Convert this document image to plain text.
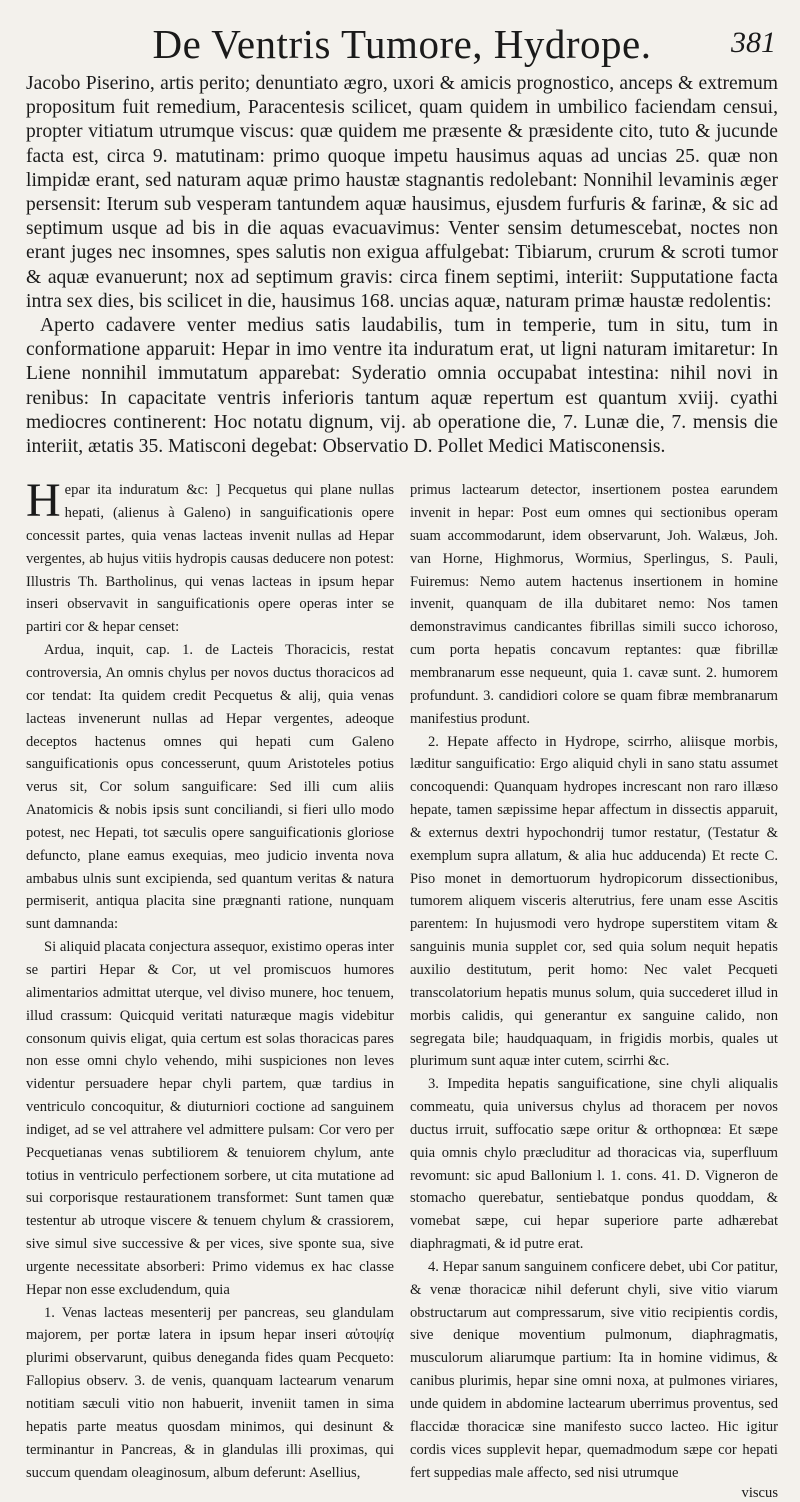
De Ventris Tumore, Hydrope.	381

Jacobo Piserino, artis perito; denuntiato ægro, uxori & amicis prognostico, anceps & extremum propositum fuit remedium, Paracentesis scilicet, quam quidem in umbilico faciendam censui, propter vitiatum utrumque viscus: quæ quidem me præsente & præsidente cito, tuto & jucunde facta est, circa 9. matutinam: primo quoque impetu hausimus aquas ad uncias 25. quæ non limpidæ erant, sed naturam aquæ primo haustæ stagnantis redolebant: Nonnihil levaminis æger persensit: Iterum sub vesperam tantundem aquæ hausimus, ejusdem furfuris & farinæ, & sic ad septimum usque ad bis in die aquas evacuavimus: Venter sensim detumescebat, noctes non erant juges nec insomnes, spes salutis non exigua affulgebat: Tibiarum, crurum & scroti tumor & aquæ evanuerunt; nox ad septimum gravis: circa finem septimi, interiit: Supputatione facta intra sex dies, bis scilicet in die, hausimus 168. uncias aquæ, naturam primæ haustæ redolentis:

Aperto cadavere venter medius satis laudabilis, tum in temperie, tum in situ, tum in conformatione apparuit: Hepar in imo ventre ita induratum erat, ut ligni naturam imitaretur: In Liene nonnihil immutatum apparebat: Syderatio omnia occupabat intestina: nihil novi in renibus: In capacitate ventris inferioris tantum aquæ repertum est quantum xviij. cyathi mediocres continerent: Hoc notatu dignum, vij. ab operatione die, 7. Lunæ die, 7. mensis die interiit, ætatis 35. Matisconi degebat: Observatio D. Pollet Medici Matisconensis.

Hepar ita induratum &c: ] Pecquetus qui plane nullas hepati, (alienus à Galeno) in sanguificationis opere concessit partes, quia venas lacteas invenit nullas ad Hepar vergentes, ab hujus vitiis hydropis causas deducere non potest: Illustris Th. Bartholinus, qui venas lacteas in ipsum hepar inseri observavit in sanguificationis opere operas inter se partiri cor & hepar censet:

Ardua, inquit, cap. 1. de Lacteis Thoracicis, restat controversia, An omnis chylus per novos ductus thoracicos ad cor tendat: Ita quidem credit Pecquetus & alij, quia venas lacteas invenerunt nullas ad Hepar vergentes, adeoque deceptos hactenus omnes qui hepati cum Galeno sanguificationis opus concesserunt, quum Aristoteles potius verus sit, Cor solum sanguificare: Sed illi cum aliis Anatomicis & nobis ipsis sunt conciliandi, si fieri ullo modo potest, nec Hepati, tot sæculis opere sanguificationis gloriose defuncto, plane eamus exequias, meo judicio inventa nova ambabus ulnis sunt excipienda, sed quantum veritas & natura permiserit, antiqua placita sine prægnanti ratione, nunquam sunt damnanda:

Si aliquid placata conjectura assequor, existimo operas inter se partiri Hepar & Cor, ut vel promiscuos humores alimentarios admittat uterque, vel diviso munere, hoc tenuem, illud crassum: Quicquid veritati naturæque magis videbitur consonum quivis eligat, quia certum est solas thoracicas pares non esse omni chylo vehendo, mihi suspiciones non leves videntur persuadere hepar chyli partem, quæ tardius in ventriculo concoquitur, & diuturniori coctione ad sanguinem indiget, ad se vel attrahere vel admittere pulsam: Cor vero per Pecquetianas venas subtiliorem & tenuiorem chylum, ante totius in ventriculo perfectionem sorbere, ut cita mutatione ad sui corporisque restaurationem transformet: Sunt tamen quæ testentur ab utroque viscere & tenuem chylum & crassiorem, sive simul sive successive & per vices, sive sponte sua, sive urgente necessitate absorberi: Primo videmus ex hac classe Hepar non esse excludendum, quia

1. Venas lacteas mesenterij per pancreas, seu glandulam majorem, per portæ latera in ipsum hepar inseri αὐτοψίᾳ plurimi observarunt, quibus deneganda fides quam Pecqueto: Fallopius observ. 3. de venis, quanquam lactearum venarum notitiam sæculi vitio non habuerit, inveniit tamen in sima hepatis parte meatus quosdam minimos, qui desinunt & terminantur in Pancreas, & in glandulas illi proximas, qui succum quendam oleaginosum, album deferunt: Asellius,

primus lactearum detector, insertionem postea earundem invenit in hepar: Post eum omnes qui sectionibus operam suam accommodarunt, idem observarunt, Joh. Walæus, Joh. van Horne, Highmorus, Wormius, Sperlingus, S. Pauli, Fuiremus: Nemo autem hactenus insertionem in homine invenit, quanquam de illa dubitaret nemo: Nos tamen demonstravimus candicantes fibrillas simili succo ichoroso, cum porta hepatis concavum reptantes: quæ fibrillæ membranarum esse nequeunt, quia 1. cavæ sunt. 2. humorem profundunt. 3. candidiori colore se quam fibræ membranarum manifestius produnt.

2. Hepate affecto in Hydrope, scirrho, aliisque morbis, læditur sanguificatio: Ergo aliquid chyli in sano statu assumet concoquendi: Quanquam hydropes increscant non raro illæso hepate, tamen sæpissime hepar affectum in dissectis apparuit, & externus dextri hypochondrij tumor restatur, (Testatur & exemplum supra allatum, & alia huc adducenda) Et recte C. Piso monet in demortuorum hydropicorum dissectionibus, tumorem aliquem visceris alterutrius, fere unam esse Ascitis parentem: In hujusmodi vero hydrope superstitem vitam & sanguinis munia supplet cor, sed quia solum nequit hepatis auxilio destitutum, perit homo: Nec valet Pecqueti transcolatorium hepatis munus solum, quia succederet illud in morbis calidis, qui generantur ex sanguine calido, non segregata bile; haudquaquam, in frigidis morbis, quales ut plurimum sunt aquæ inter cutem, scirrhi &c.

3. Impedita hepatis sanguificatione, sine chyli aliqualis commeatu, quia universus chylus ad thoracem per novos ductus irruit, suffocatio sæpe oritur & orthopnœa: Et sæpe quia omnis chylo præcluditur ad thoracicas via, superfluum revomunt: sic apud Ballonium l. 1. cons. 41. D. Vigneron de stomacho querebatur, sentiebatque pondus quoddam, & vomebat sæpe, cui hepar superiore parte adhærebat diaphragmati, & id putre erat.

4. Hepar sanum sanguinem conficere debet, ubi Cor patitur, & venæ thoracicæ nihil deferunt chyli, sive vitio viarum obstructarum aut compressarum, sive vitio recipientis cordis, sive denique moventium pulmonum, diaphragmatis, musculorum aliarumque partium: Ita in homine vidimus, & canibus plurimis, hepar sine omni noxa, at pulmones viriares, unde quidem in abdomine lactearum uberrimus proventus, sed flaccidæ thoracicæ sine manifesto succo lacteo. Hic igitur cordis vices supplevit hepar, quemadmodum sæpe cor hepati fert suppedias male affecto, sed nisi utrumque

viscus
